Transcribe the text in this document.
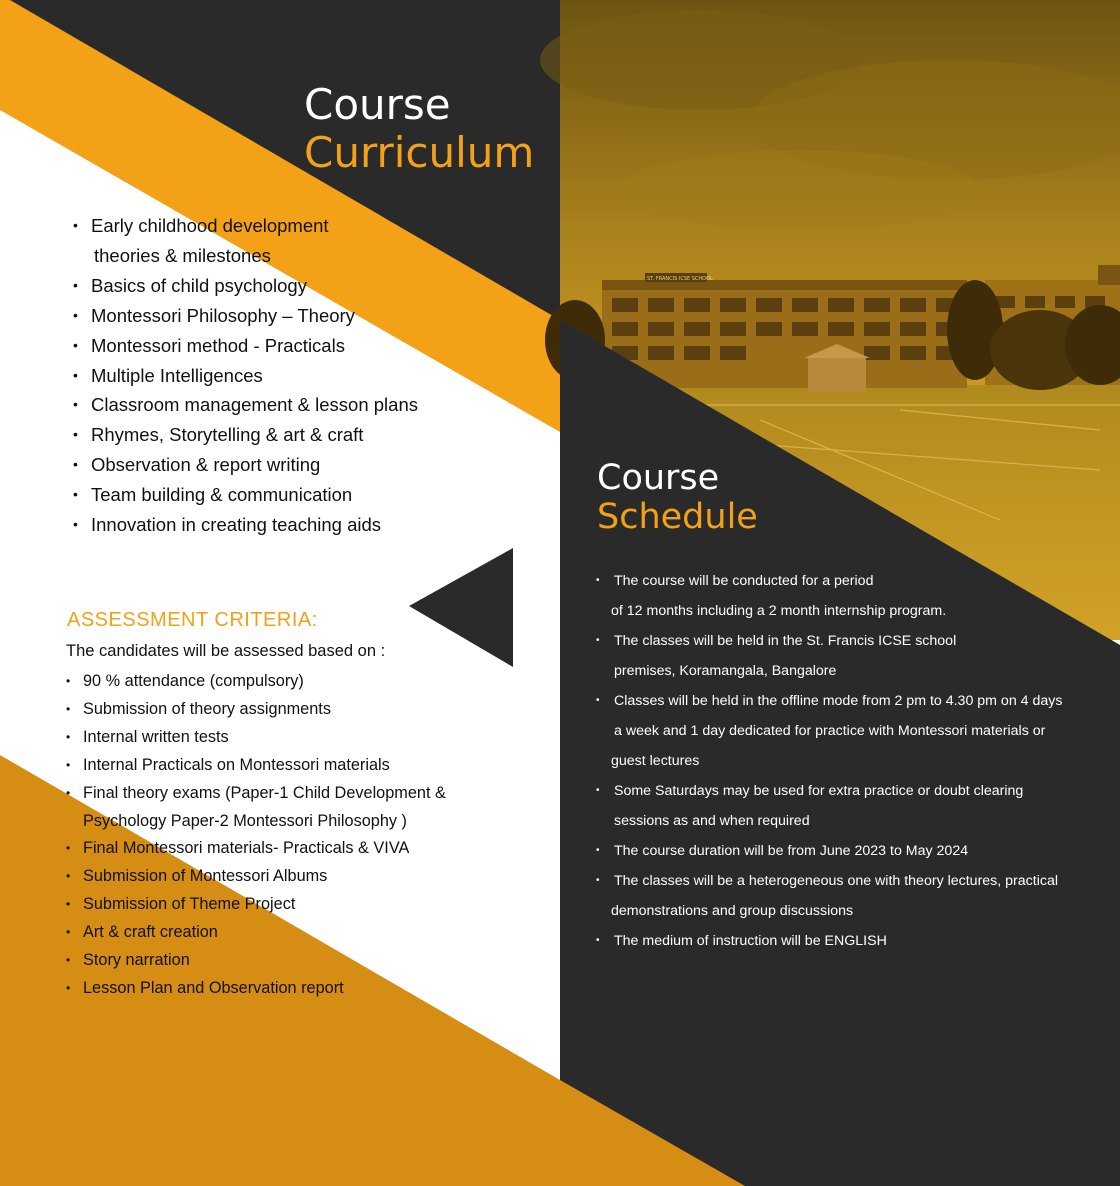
ST. FRANCIS ICSE SCHOOL
Course
Curriculum
• Early childhood development
theories & milestones
• Basics of child psychology
• Montessori Philosophy – Theory
• Montessori method - Practicals
• Multiple Intelligences
• Classroom management & lesson plans
• Rhymes, Storytelling & art & craft
• Observation & report writing
• Team building & communication
• Innovation in creating teaching aids
ASSESSMENT CRITERIA:
The candidates will be assessed based on :
• 90 % attendance (compulsory)
• Submission of theory assignments
• Internal written tests
• Internal Practicals on Montessori materials
• Final theory exams (Paper-1 Child Development &
Psychology Paper-2 Montessori Philosophy )
• Final Montessori materials- Practicals & VIVA
• Submission of Montessori Albums
• Submission of Theme Project
• Art & craft creation
• Story narration
• Lesson Plan and Observation report
Course
Schedule
• The course will be conducted for a period
of 12 months including a 2 month internship program.
• The classes will be held in the St. Francis ICSE school
premises, Koramangala, Bangalore
• Classes will be held in the offline mode from 2 pm to 4.30 pm on 4 days
a week and 1 day dedicated for practice with Montessori materials or
guest lectures
• Some Saturdays may be used for extra practice or doubt clearing
sessions as and when required
• The course duration will be from June 2023 to May 2024
• The classes will be a heterogeneous one with theory lectures, practical
demonstrations and group discussions
• The medium of instruction will be ENGLISH
